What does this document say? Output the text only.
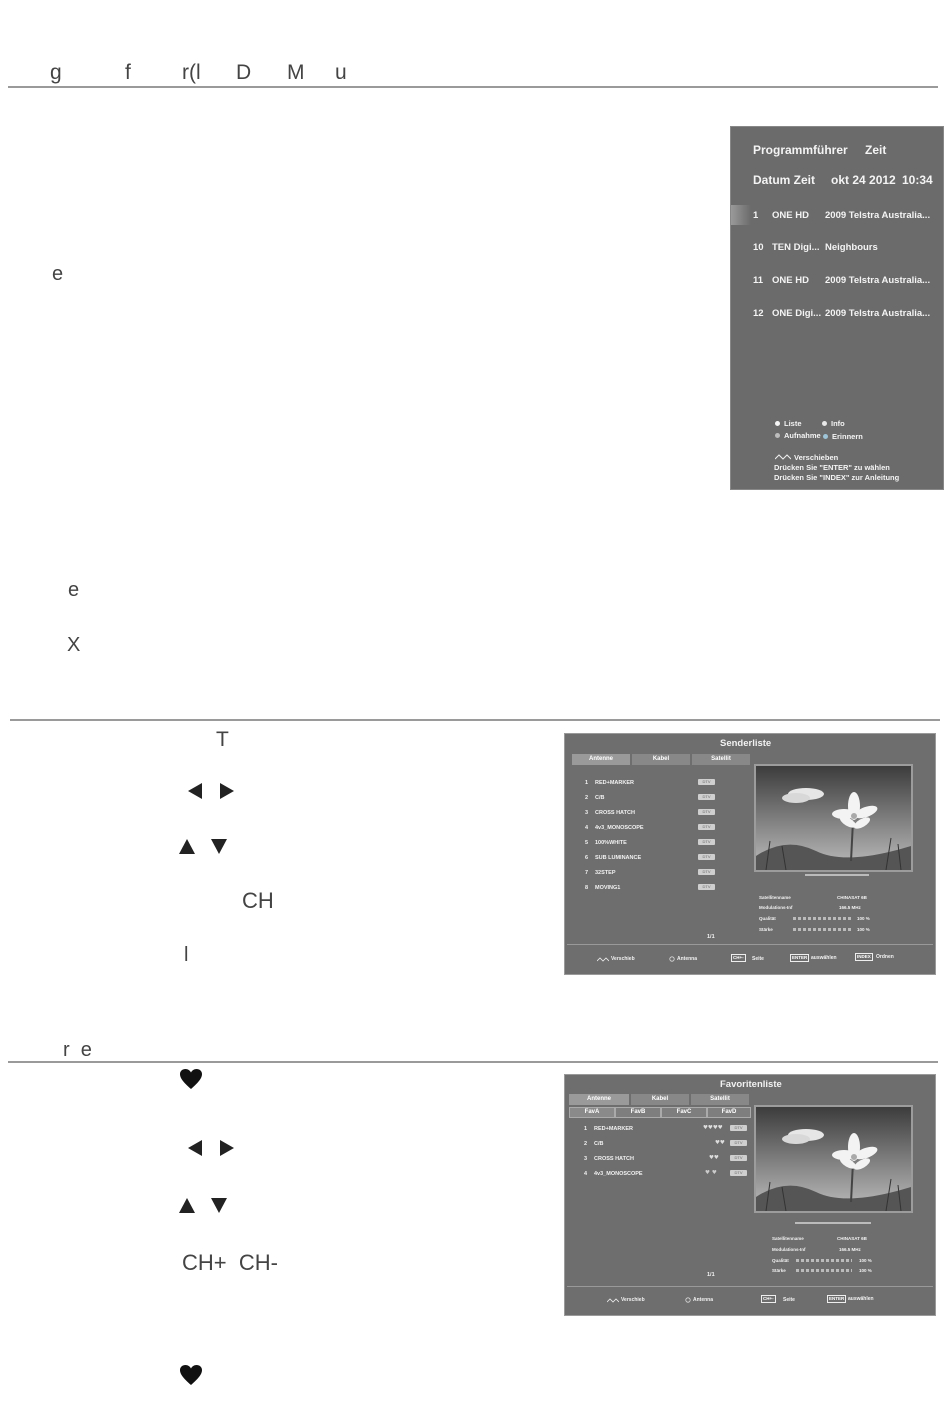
g	f r(l D M u
e
e
X
Programmführer Zeit
Datum Zeit okt 24 2012 10:34
1 ONE HD 2009 Telstra Australia...
10 TEN Digi... Neighbours
11 ONE HD 2009 Telstra Australia...
12 ONE Digi... 2009 Telstra Australia...
Liste	Info
Aufnahme Erinnern
Verschieben
Drücken Sie "ENTER" zu wählen
Drücken Sie "INDEX" zur Anleitung
T
CH
l
Senderliste
Antenne	Kabel	Satellit
1 RED+MARKER	DTV
2 C/B	DTV
3 CROSS HATCH	DTV
4 4v3_MONOSCOPE	DTV
5 100%WHITE	DTV
6 SUB LUMINANCE	DTV
7 32STEP	DTV
8 MOVING1	DTV
Satellitenname	CHINASAT 6B
Modulations-Inf	166.5 MHz
Qualität	100 %
Stärke	100 %
1/1
Verschieb	Antenna	CH+-	Seite	ENTER auswählen	INDEX	Ordnen
r  e
CH+  CH-
Favoritenliste
Antenne	Kabel	Satellit
FavA	FavB	FavC	FavD
1 RED+MARKER	♥♥♥♥	DTV
2 C/B	♥♥	DTV
3 CROSS HATCH	♥♥	DTV
4 4v3_MONOSCOPE	♥ ♥	DTV
Satellitenname	CHINASAT 6B
Modulations-Inf	166.5 MHz
Qualität	100 %
Stärke	100 %
1/1
Verschieb	Antenna	CH+-	Seite	ENTER auswählen
